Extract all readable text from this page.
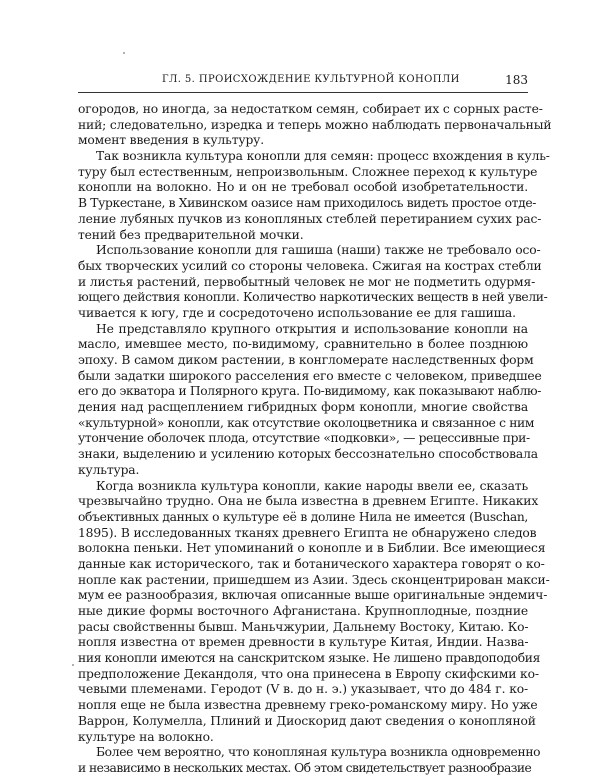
ГЛ. 5. ПРОИСХОЖДЕНИЕ КУЛЬТУРНОЙ КОНОПЛИ	183
огородов, но иногда, за недостатком семян, собирает их с сорных расте-
ний; следовательно, изредка и теперь можно наблюдать первоначальный
момент введения в культуру.
Так возникла культура конопли для семян: процесс вхождения в куль-
туру был естественным, непроизвольным. Сложнее переход к культуре
конопли на волокно. Но и он не требовал особой изобретательности.
В Туркестане, в Хивинском оазисе нам приходилось видеть простое отде-
ление лубяных пучков из конопляных стеблей перетиранием сухих рас-
тений без предварительной мочки.
Использование конопли для гашиша (наши) также не требовало осо-
бых творческих усилий со стороны человека. Сжигая на кострах стебли
и листья растений, первобытный человек не мог не подметить одурмя-
ющего действия конопли. Количество наркотических веществ в ней увели-
чивается к югу, где и сосредоточено использование ее для гашиша.
Не представляло крупного открытия и использование конопли на
масло, имевшее место, по-видимому, сравнительно в более позднюю
эпоху. В самом диком растении, в конгломерате наследственных форм
были задатки широкого расселения его вместе с человеком, приведшее
его до экватора и Полярного круга. По-видимому, как показывают наблю-
дения над расщеплением гибридных форм конопли, многие свойства
«культурной» конопли, как отсутствие околоцветника и связанное с ним
утончение оболочек плода, отсутствие «подковки», — рецессивные при-
знаки, выделению и усилению которых бессознательно способствовала
культура.
Когда возникла культура конопли, какие народы ввели ее, сказать
чрезвычайно трудно. Она не была известна в древнем Египте. Никаких
объективных данных о культуре её в долине Нила не имеется (Buschan,
1895). В исследованных тканях древнего Египта не обнаружено следов
волокна пеньки. Нет упоминаний о конопле и в Библии. Все имеющиеся
данные как исторического, так и ботанического характера говорят о ко-
нопле как растении, пришедшем из Азии. Здесь сконцентрирован макси-
мум ее разнообразия, включая описанные выше оригинальные эндемич-
ные дикие формы восточного Афганистана. Крупноплодные, поздние
расы свойственны бывш. Маньчжурии, Дальнему Востоку, Китаю. Ко-
нопля известна от времен древности в культуре Китая, Индии. Назва-
ния конопли имеются на санскритском языке. Не лишено правдоподобия
предположение Декандоля, что она принесена в Европу скифскими ко-
чевыми племенами. Геродот (V в. до н. э.) указывает, что до 484 г. ко-
нопля еще не была известна древнему греко-романскому миру. Но уже
Варрон, Колумелла, Плиний и Диоскорид дают сведения о конопляной
культуре на волокно.
Более чем вероятно, что конопляная культура возникла одновременно
и независимо в нескольких местах. Об этом свидетельствует разнообразие
